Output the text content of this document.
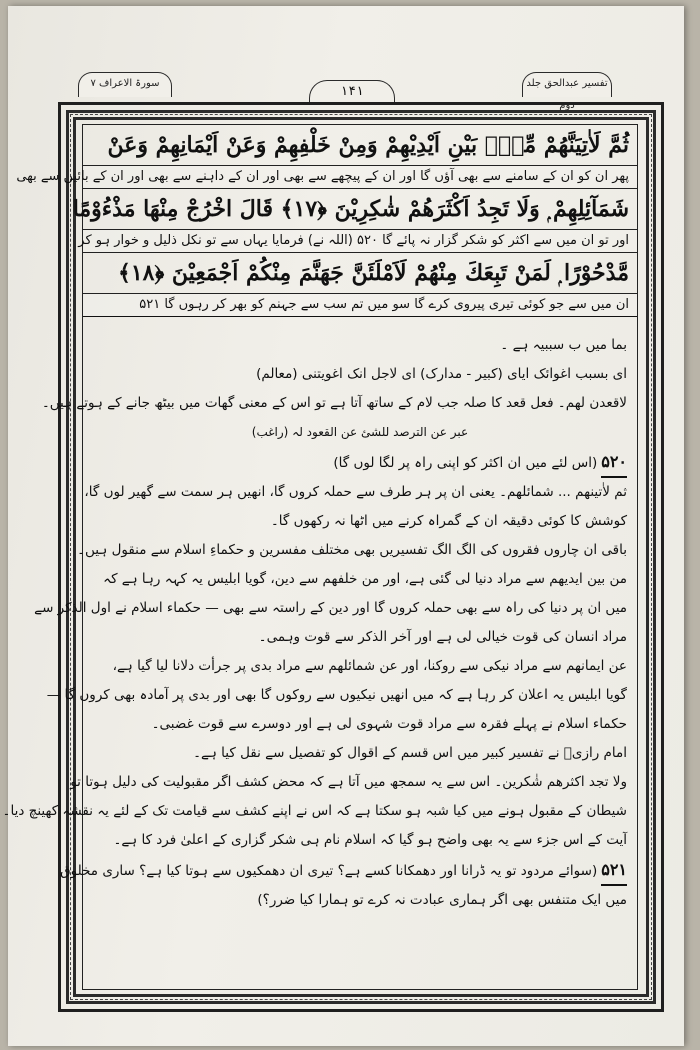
سورۃ الاعراف ۷
۱۴۱
تفسیر عبدالحق جلد دوم
ثُمَّ لَاٰتِيَنَّهُمْ مِّنْۢ بَيْنِ اَيْدِيْهِمْ وَمِنْ خَلْفِهِمْ وَعَنْ اَيْمَانِهِمْ وَعَنْ
پھر ان کو ان کے سامنے سے بھی آؤں گا اور ان کے پیچھے سے بھی اور ان کے داہنے سے بھی اور ان کے بائیں سے بھی
شَمَآئِلِهِمْ ۭ وَلَا تَجِدُ اَكْثَرَهُمْ شٰكِرِيْنَ ﴿۱۷﴾ قَالَ اخْرُجْ مِنْهَا مَذْءُوْمًا
اور تو ان میں سے اکثر کو شکر گزار نہ پائے گا ۵۲۰ (اللہ نے) فرمایا یہاں سے تو نکل ذلیل و خوار ہو کر
مَّدْحُوْرًا ۭ لَمَنْ تَبِعَكَ مِنْهُمْ لَاَمْلَئَنَّ جَهَنَّمَ مِنْكُمْ اَجْمَعِيْنَ ﴿۱۸﴾
ان میں سے جو کوئی تیری پیروی کرے گا سو میں تم سب سے جہنم کو بھر کر رہوں گا ۵۲۱
بما میں ب سببیہ ہے ۔
ای بسبب اغوائک ایای (کبیر - مدارک) ای لاجل انک اغویتنی (معالم)
لاقعدن لھم۔ فعل قعد کا صلہ جب لام کے ساتھ آتا ہے تو اس کے معنی گھات میں بیٹھ جانے کے ہوتے ہیں۔
عبر عن الترصد للشئ عن القعود لہ (راغب)
۵۲۰(اس لئے میں ان اکثر کو اپنی راہ پر لگا لوں گا)
ثم لاٰتینھم ... شمائلھم۔ یعنی ان پر ہر طرف سے حملہ کروں گا، انھیں ہر سمت سے گھیر لوں گا،
کوشش کا کوئی دقیقہ ان کے گمراہ کرنے میں اٹھا نہ رکھوں گا۔
باقی ان چاروں فقروں کی الگ الگ تفسیریں بھی مختلف مفسرین و حکماءِ اسلام سے منقول ہیں۔
من بین ایدیھم سے مراد دنیا لی گئی ہے، اور من خلفھم سے دین، گویا ابلیس یہ کہہ رہا ہے کہ
میں ان پر دنیا کی راہ سے بھی حملہ کروں گا اور دین کے راستہ سے بھی — حکماء اسلام نے اول الذکر سے
مراد انسان کی قوت خیالی لی ہے اور آخر الذکر سے قوت وہمی۔
عن ایمانھم سے مراد نیکی سے روکنا، اور عن شمائلھم سے مراد بدی پر جرأت دلانا لیا گیا ہے،
گویا ابلیس یہ اعلان کر رہا ہے کہ میں انھیں نیکیوں سے روکوں گا بھی اور بدی پر آمادہ بھی کروں گا —
حکماء اسلام نے پہلے فقرہ سے مراد قوت شہوی لی ہے اور دوسرے سے قوت غضبی۔
امام رازیؒ نے تفسیر کبیر میں اس قسم کے اقوال کو تفصیل سے نقل کیا ہے۔
ولا تجد اکثرھم شٰکرین۔ اس سے یہ سمجھ میں آتا ہے کہ محض کشف اگر مقبولیت کی دلیل ہوتا تو
شیطان کے مقبول ہونے میں کیا شبہ ہو سکتا ہے کہ اس نے اپنے کشف سے قیامت تک کے لئے یہ نقشہ کھینچ دیا۔
آیت کے اس جزء سے یہ بھی واضح ہو گیا کہ اسلام نام ہی شکر گزاری کے اعلیٰ فرد کا ہے۔
۵۲۱(سوائے مردود تو یہ ڈرانا اور دھمکانا کسے ہے؟ تیری ان دھمکیوں سے ہوتا کیا ہے؟ ساری مخلوق
میں ایک متنفس بھی اگر ہماری عبادت نہ کرے تو ہمارا کیا ضرر؟)
